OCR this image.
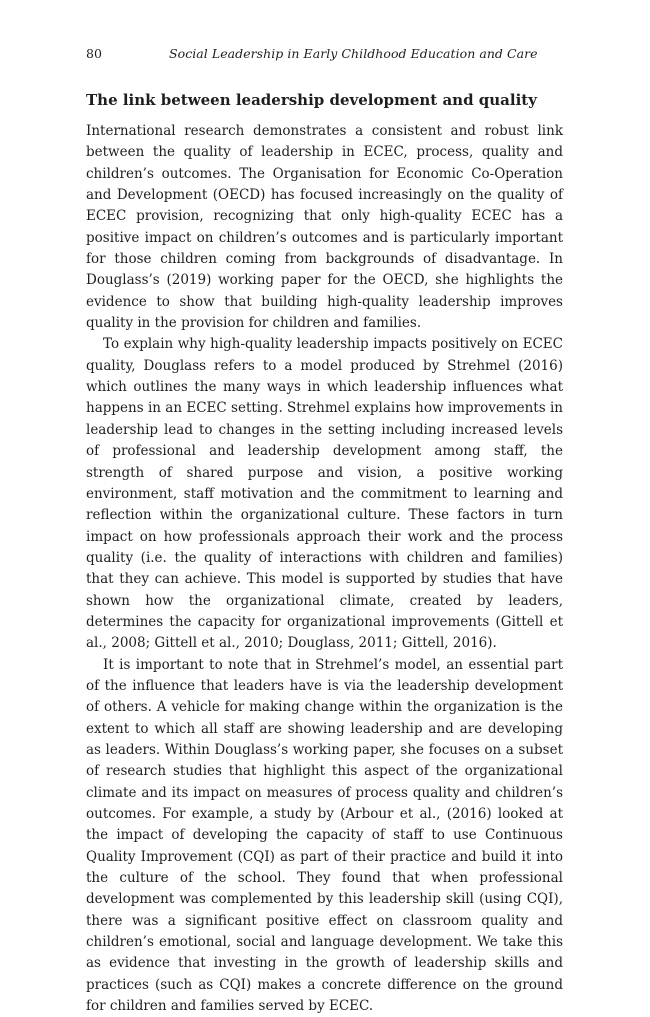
80	Social Leadership in Early Childhood Education and Care
The link between leadership development and quality

International research demonstrates a consistent and robust link between the quality of leadership in ECEC, process, quality and children’s outcomes. The Organisation for Economic Co-Operation and Development (OECD) has focused increasingly on the quality of ECEC provision, recognizing that only high-quality ECEC has a positive impact on children’s outcomes and is particularly important for those children coming from backgrounds of disadvantage. In Douglass’s (2019) working paper for the OECD, she highlights the evidence to show that building high-quality leadership improves quality in the provision for children and families.

To explain why high-quality leadership impacts positively on ECEC quality, Douglass refers to a model produced by Strehmel (2016) which outlines the many ways in which leadership influences what happens in an ECEC setting. Strehmel explains how improvements in leadership lead to changes in the setting including increased levels of professional and leadership development among staff, the strength of shared purpose and vision, a positive working environment, staff motivation and the commitment to learning and reflection within the organizational culture. These factors in turn impact on how professionals approach their work and the process quality (i.e. the quality of interactions with children and families) that they can achieve. This model is supported by studies that have shown how the organizational climate, created by leaders, determines the capacity for organizational improvements (Gittell et al., 2008; Gittell et al., 2010; Douglass, 2011; Gittell, 2016).

It is important to note that in Strehmel’s model, an essential part of the influence that leaders have is via the leadership development of others. A vehicle for making change within the organization is the extent to which all staff are showing leadership and are developing as leaders. Within Douglass’s working paper, she focuses on a subset of research studies that highlight this aspect of the organizational climate and its impact on measures of process quality and children’s outcomes. For example, a study by (Arbour et al., (2016) looked at the impact of developing the capacity of staff to use Continuous Quality Improvement (CQI) as part of their practice and build it into the culture of the school. They found that when professional development was complemented by this leadership skill (using CQI), there was a significant positive effect on classroom quality and children’s emotional, social and language development. We take this as evidence that investing in the growth of leadership skills and practices (such as CQI) makes a concrete difference on the ground for children and families served by ECEC.
